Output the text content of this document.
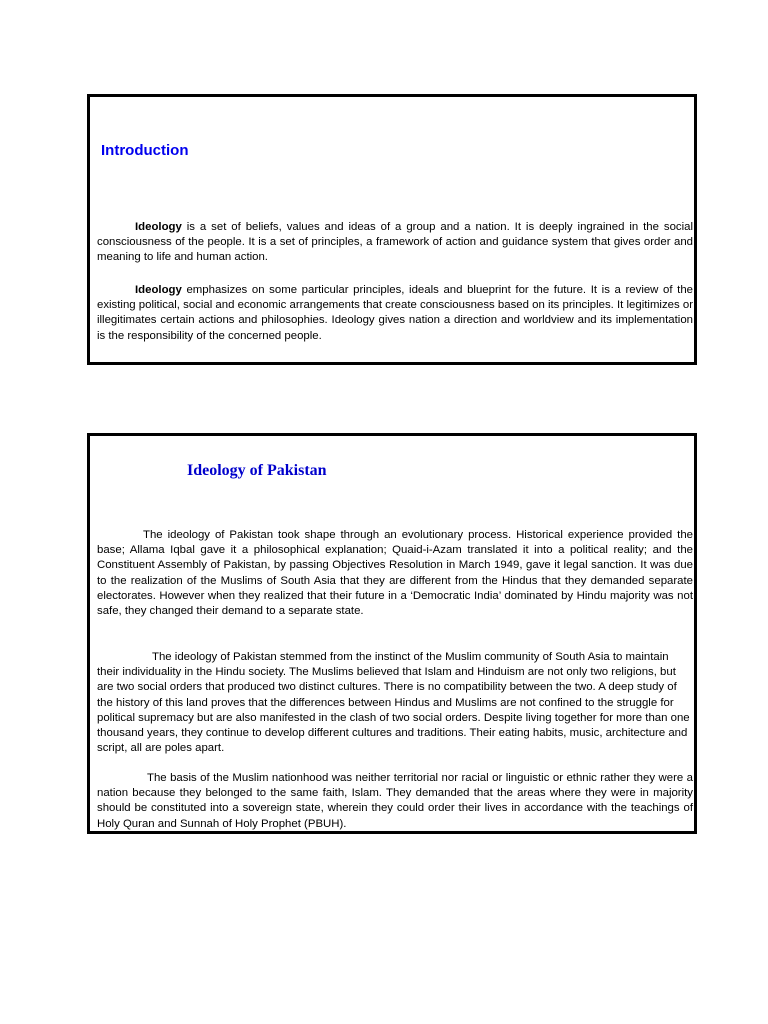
Introduction

Ideology is a set of beliefs, values and ideas of a group and a nation. It is deeply ingrained in the social consciousness of the people. It is a set of principles, a framework of action and guidance system that gives order and meaning to life and human action.

Ideology emphasizes on some particular principles, ideals and blueprint for the future. It is a review of the existing political, social and economic arrangements that create consciousness based on its principles. It legitimizes or illegitimates certain actions and philosophies. Ideology gives nation a direction and worldview and its implementation is the responsibility of the concerned people.

Ideology of Pakistan

The ideology of Pakistan took shape through an evolutionary process. Historical experience provided the base; Allama Iqbal gave it a philosophical explanation; Quaid-i-Azam translated it into a political reality; and the Constituent Assembly of Pakistan, by passing Objectives Resolution in March 1949, gave it legal sanction. It was due to the realization of the Muslims of South Asia that they are different from the Hindus that they demanded separate electorates. However when they realized that their future in a ‘Democratic India’ dominated by Hindu majority was not safe, they changed their demand to a separate state.

The ideology of Pakistan stemmed from the instinct of the Muslim community of South Asia to maintain their individuality in the Hindu society. The Muslims believed that Islam and Hinduism are not only two religions, but are two social orders that produced two distinct cultures. There is no compatibility between the two. A deep study of the history of this land proves that the differences between Hindus and Muslims are not confined to the struggle for political supremacy but are also manifested in the clash of two social orders. Despite living together for more than one thousand years, they continue to develop different cultures and traditions. Their eating habits, music, architecture and script, all are poles apart.

The basis of the Muslim nationhood was neither territorial nor racial or linguistic or ethnic rather they were a nation because they belonged to the same faith, Islam. They demanded that the areas where they were in majority should be constituted into a sovereign state, wherein they could order their lives in accordance with the teachings of Holy Quran and Sunnah of Holy Prophet (PBUH).
